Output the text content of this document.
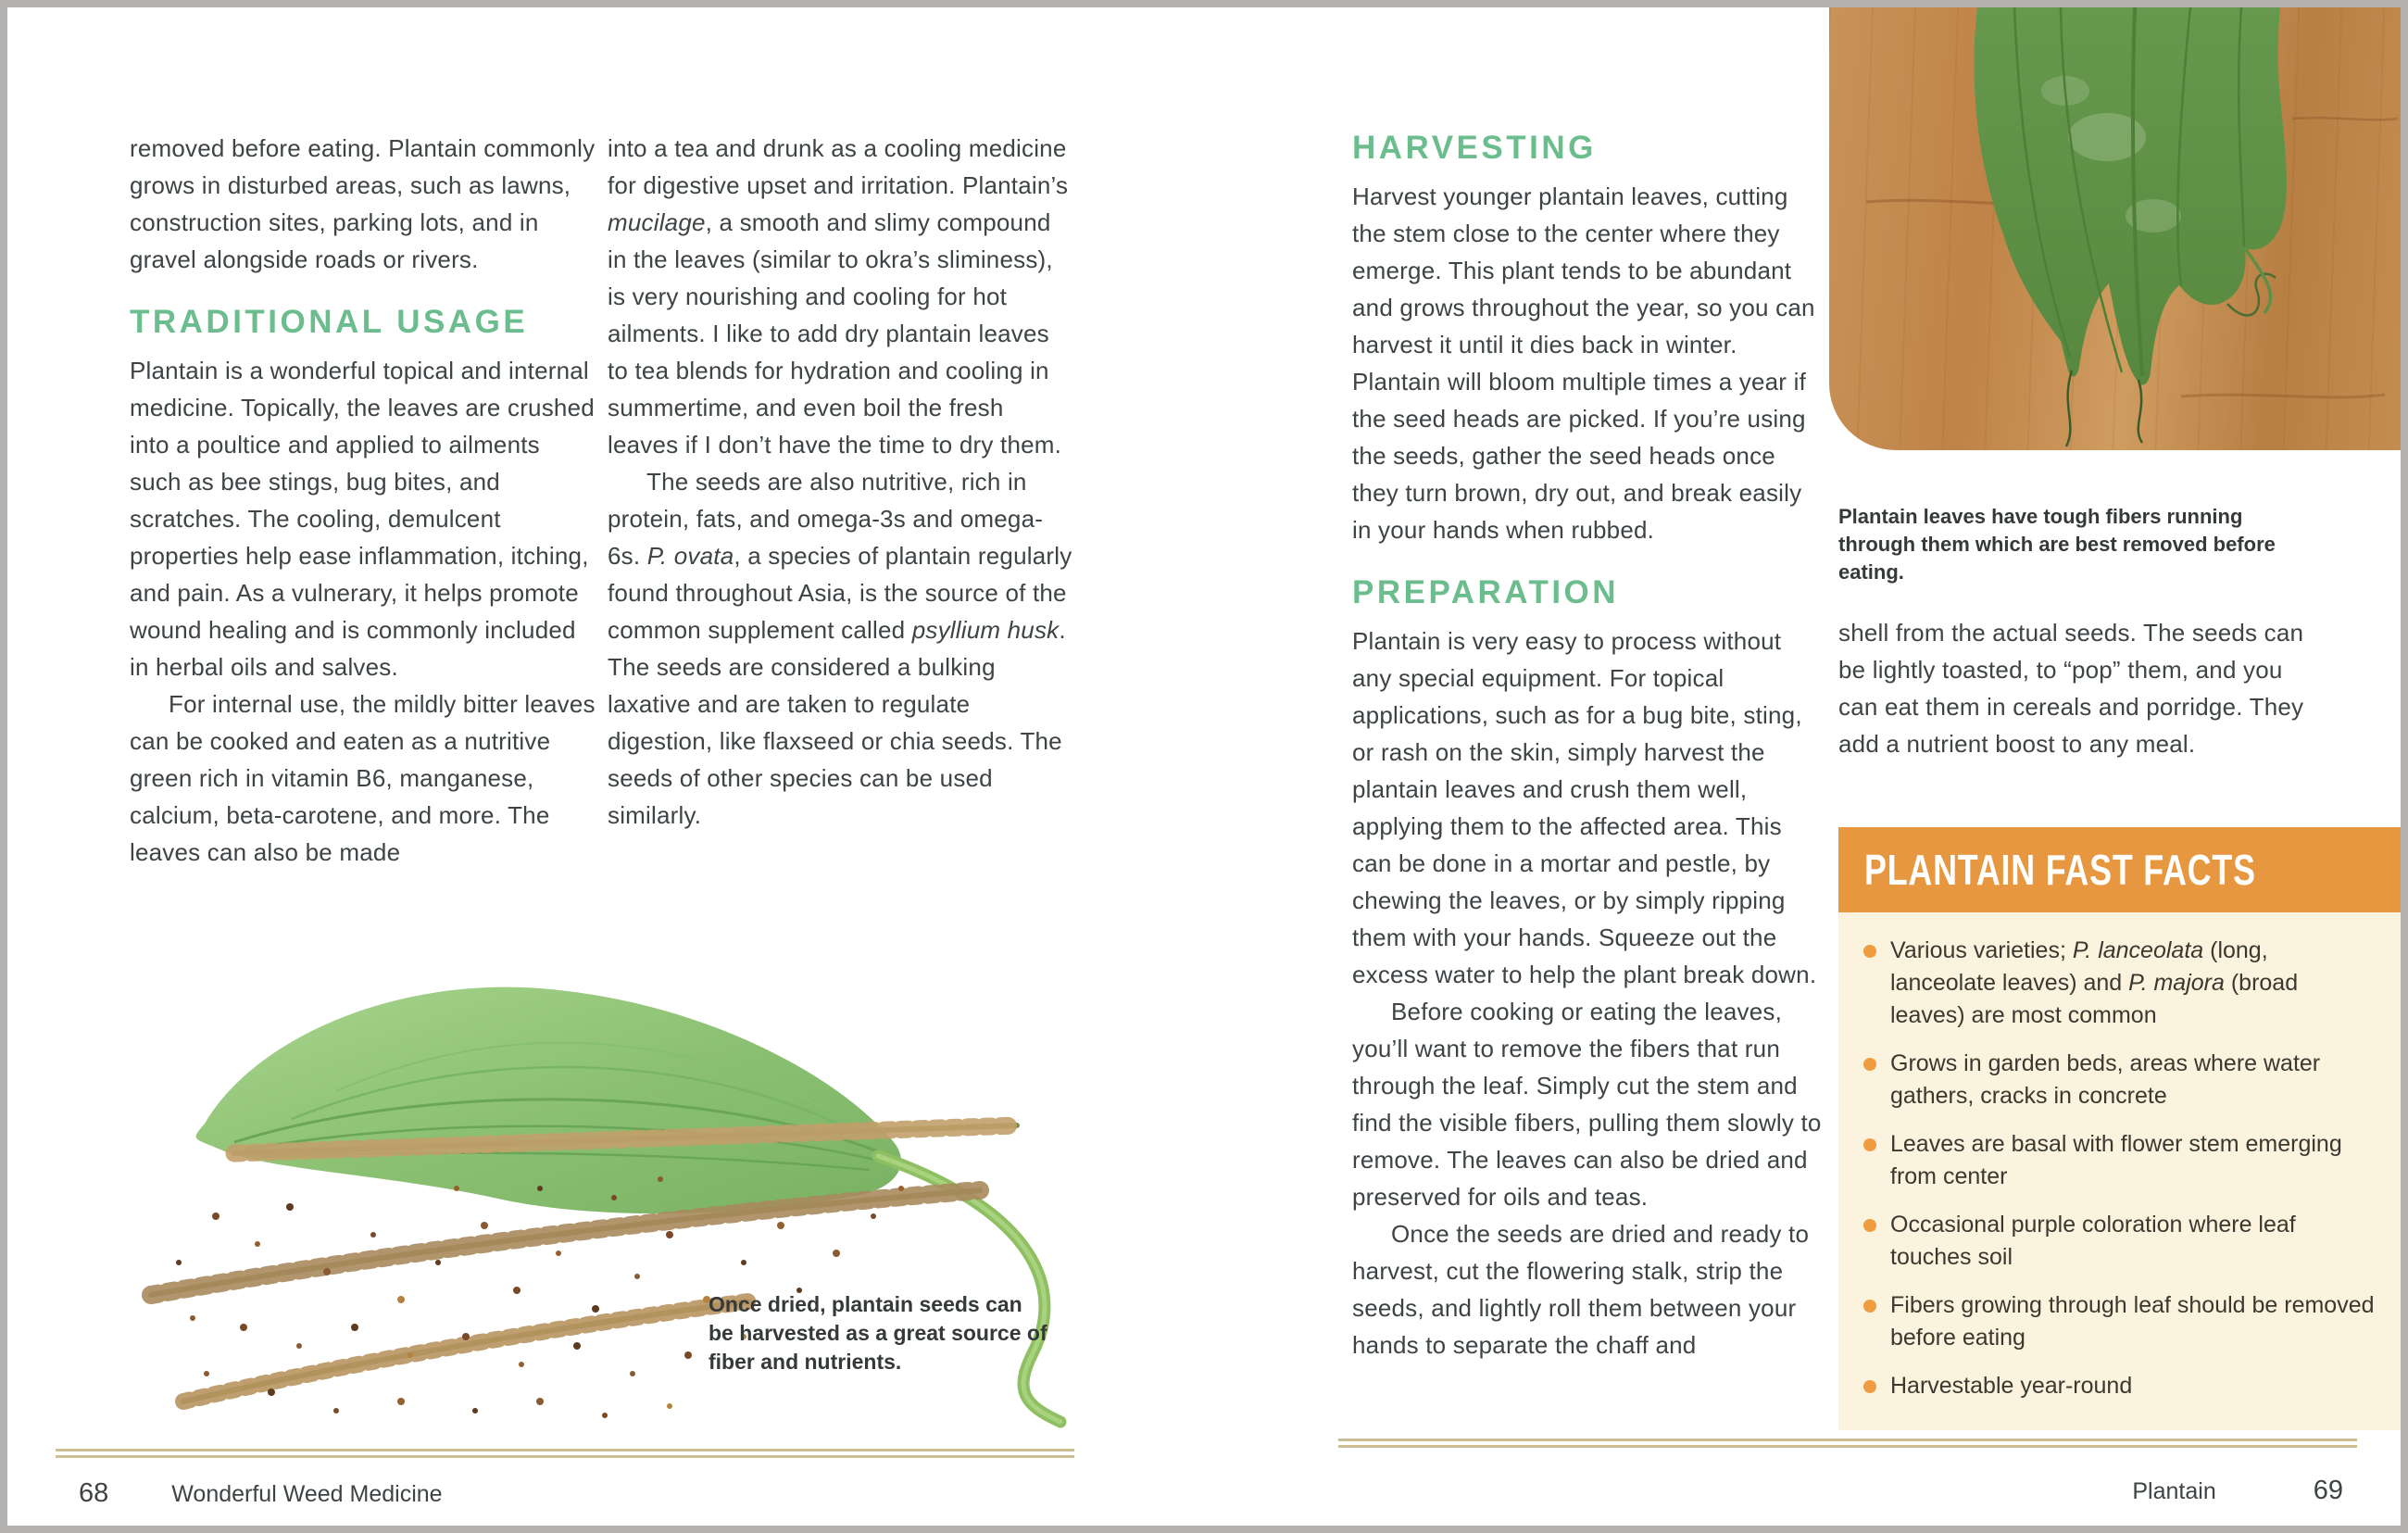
removed before eating. Plantain commonly grows in disturbed areas, such as lawns, construction sites, parking lots, and in gravel alongside roads or rivers.

TRADITIONAL USAGE

Plantain is a wonderful topical and internal medicine. Topically, the leaves are crushed into a poultice and applied to ailments such as bee stings, bug bites, and scratches. The cooling, demulcent properties help ease inflammation, itching, and pain. As a vulnerary, it helps promote wound healing and is commonly included in herbal oils and salves.

For internal use, the mildly bitter leaves can be cooked and eaten as a nutritive green rich in vitamin B6, manganese, calcium, beta-carotene, and more. The leaves can also be made

into a tea and drunk as a cooling medicine for digestive upset and irritation. Plantain’s mucilage, a smooth and slimy compound in the leaves (similar to okra’s sliminess), is very nourishing and cooling for hot ailments. I like to add dry plantain leaves to tea blends for hydration and cooling in summertime, and even boil the fresh leaves if I don’t have the time to dry them.

The seeds are also nutritive, rich in protein, fats, and omega-3s and omega-6s. P. ovata, a species of plantain regularly found throughout Asia, is the source of the common supplement called psyllium husk. The seeds are considered a bulking laxative and are taken to regulate digestion, like flaxseed or chia seeds. The seeds of other species can be used similarly.

Once dried, plantain seeds can be harvested as a great source of fiber and nutrients.

68	Wonderful Weed Medicine
HARVESTING

Harvest younger plantain leaves, cutting the stem close to the center where they emerge. This plant tends to be abundant and grows throughout the year, so you can harvest it until it dies back in winter. Plantain will bloom multiple times a year if the seed heads are picked. If you’re using the seeds, gather the seed heads once they turn brown, dry out, and break easily in your hands when rubbed.

PREPARATION

Plantain is very easy to process without any special equipment. For topical applications, such as for a bug bite, sting, or rash on the skin, simply harvest the plantain leaves and crush them well, applying them to the affected area. This can be done in a mortar and pestle, by chewing the leaves, or by simply ripping them with your hands. Squeeze out the excess water to help the plant break down.

Before cooking or eating the leaves, you’ll want to remove the fibers that run through the leaf. Simply cut the stem and find the visible fibers, pulling them slowly to remove. The leaves can also be dried and preserved for oils and teas.

Once the seeds are dried and ready to harvest, cut the flowering stalk, strip the seeds, and lightly roll them between your hands to separate the chaff and

Plantain leaves have tough fibers running through them which are best removed before eating.

shell from the actual seeds. The seeds can be lightly toasted, to “pop” them, and you can eat them in cereals and porridge. They add a nutrient boost to any meal.

PLANTAIN FAST FACTS
Various varieties; P. lanceolata (long, lanceolate leaves) and P. majora (broad leaves) are most common
Grows in garden beds, areas where water gathers, cracks in concrete
Leaves are basal with flower stem emerging from center
Occasional purple coloration where leaf touches soil
Fibers growing through leaf should be removed before eating
Harvestable year-round
Plantain	69
